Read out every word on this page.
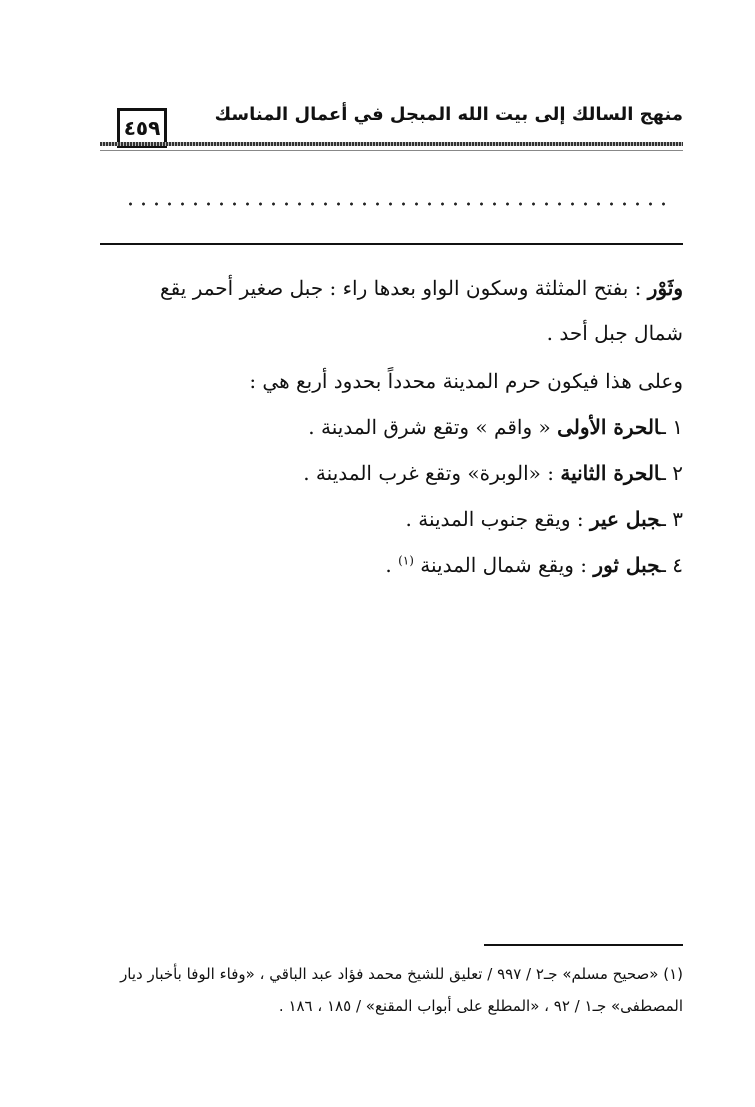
٤٥٩
منهج السالك إلى بيت الله المبجل في أعمال المناسك
وثَوْر : بفتح المثلثة وسكون الواو بعدها راء : جبل صغير أحمر يقع
شمال جبل أحد .
وعلى هذا فيكون حرم المدينة محدداً بحدود أربع هي :
١ ـالحرة الأولى « واقم » وتقع شرق المدينة .
٢ ـالحرة الثانية : «الوبرة» وتقع غرب المدينة .
٣ ـجبل عير : ويقع جنوب المدينة .
٤ ـجبل ثور : ويقع شمال المدينة $^{(١)}$ .
(١) «صحيح مسلم» جـ٢ / ٩٩٧ / تعليق للشيخ محمد فؤاد عبد الباقي ، «وفاء الوفا بأخبار ديار
المصطفى» جـ١ / ٩٢ ، «المطلع على أبواب المقنع» / ١٨٥ ، ١٨٦ .
